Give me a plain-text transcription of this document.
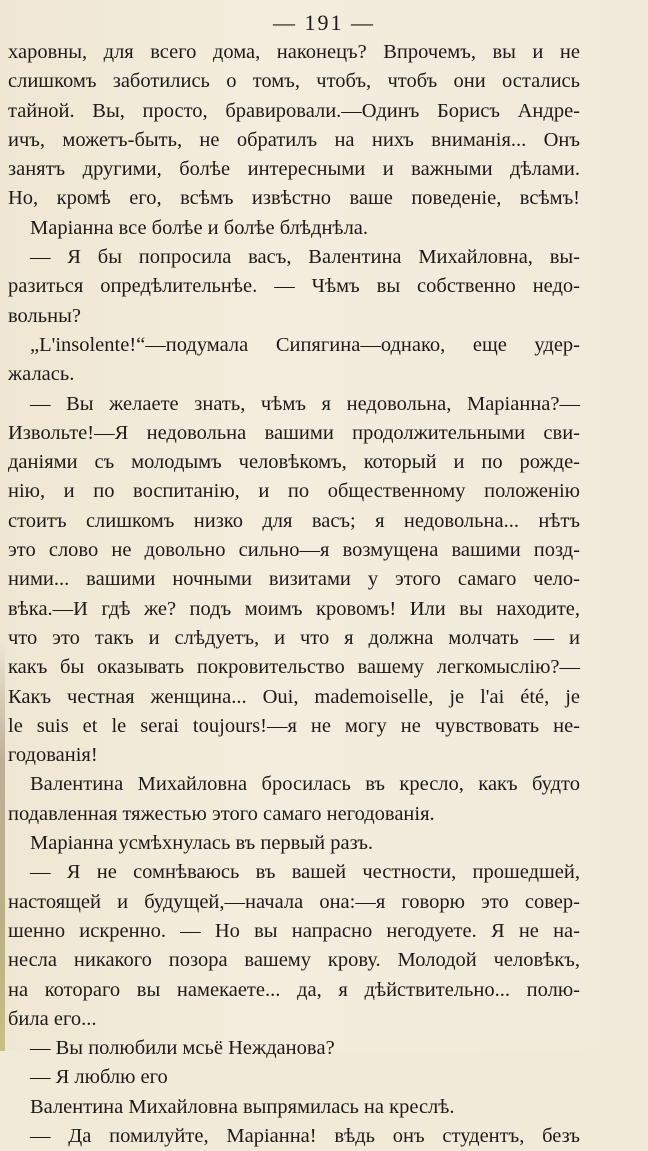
— 191 —
харовны, для всего дома, наконецъ? Впрочемъ, вы и не
слишкомъ заботились о томъ, чтобъ, чтобъ они остались
тайной. Вы, просто, бравировали.—Одинъ Борисъ Андре-
ичъ, можетъ-быть, не обратилъ на нихъ вниманія... Онъ
занятъ другими, болѣе интересными и важными дѣлами.
Но, кромѣ его, всѣмъ извѣстно ваше поведеніе, всѣмъ!
Маріанна все болѣе и болѣе блѣднѣла.
— Я бы попросила васъ, Валентина Михайловна, вы-
разиться опредѣлительнѣе. — Чѣмъ вы собственно недо-
вольны?
„L'insolente!“—подумала Сипягина—однако, еще удер-
жалась.
— Вы желаете знать, чѣмъ я недовольна, Маріанна?—
Извольте!—Я недовольна вашими продолжительными сви-
даніями съ молодымъ человѣкомъ, который и по рожде-
нію, и по воспитанію, и по общественному положенію
стоитъ слишкомъ низко для васъ; я недовольна... нѣтъ
это слово не довольно сильно—я возмущена вашими позд-
ними... вашими ночными визитами у этого самаго чело-
вѣка.—И гдѣ же? подъ моимъ кровомъ! Или вы находите,
что это такъ и слѣдуетъ, и что я должна молчать — и
какъ бы оказывать покровительство вашему легкомыслію?—
Какъ честная женщина... Oui, mademoiselle, je l'ai été, je
le suis et le serai toujours!—я не могу не чувствовать не-
годованія!
Валентина Михайловна бросилась въ кресло, какъ будто
подавленная тяжестью этого самаго негодованія.
Маріанна усмѣхнулась въ первый разъ.
— Я не сомнѣваюсь въ вашей честности, прошедшей,
настоящей и будущей,—начала она:—я говорю это совер-
шенно искренно. — Но вы напрасно негодуете. Я не на-
несла никакого позора вашему крову. Молодой человѣкъ,
на котораго вы намекаете... да, я дѣйствительно... полю-
била его...
— Вы полюбили мсьё Неждановa?
— Я люблю его
Валентина Михайловна выпрямилась на креслѣ.
— Да помилуйте, Маріанна! вѣдь онъ студентъ, безъ
